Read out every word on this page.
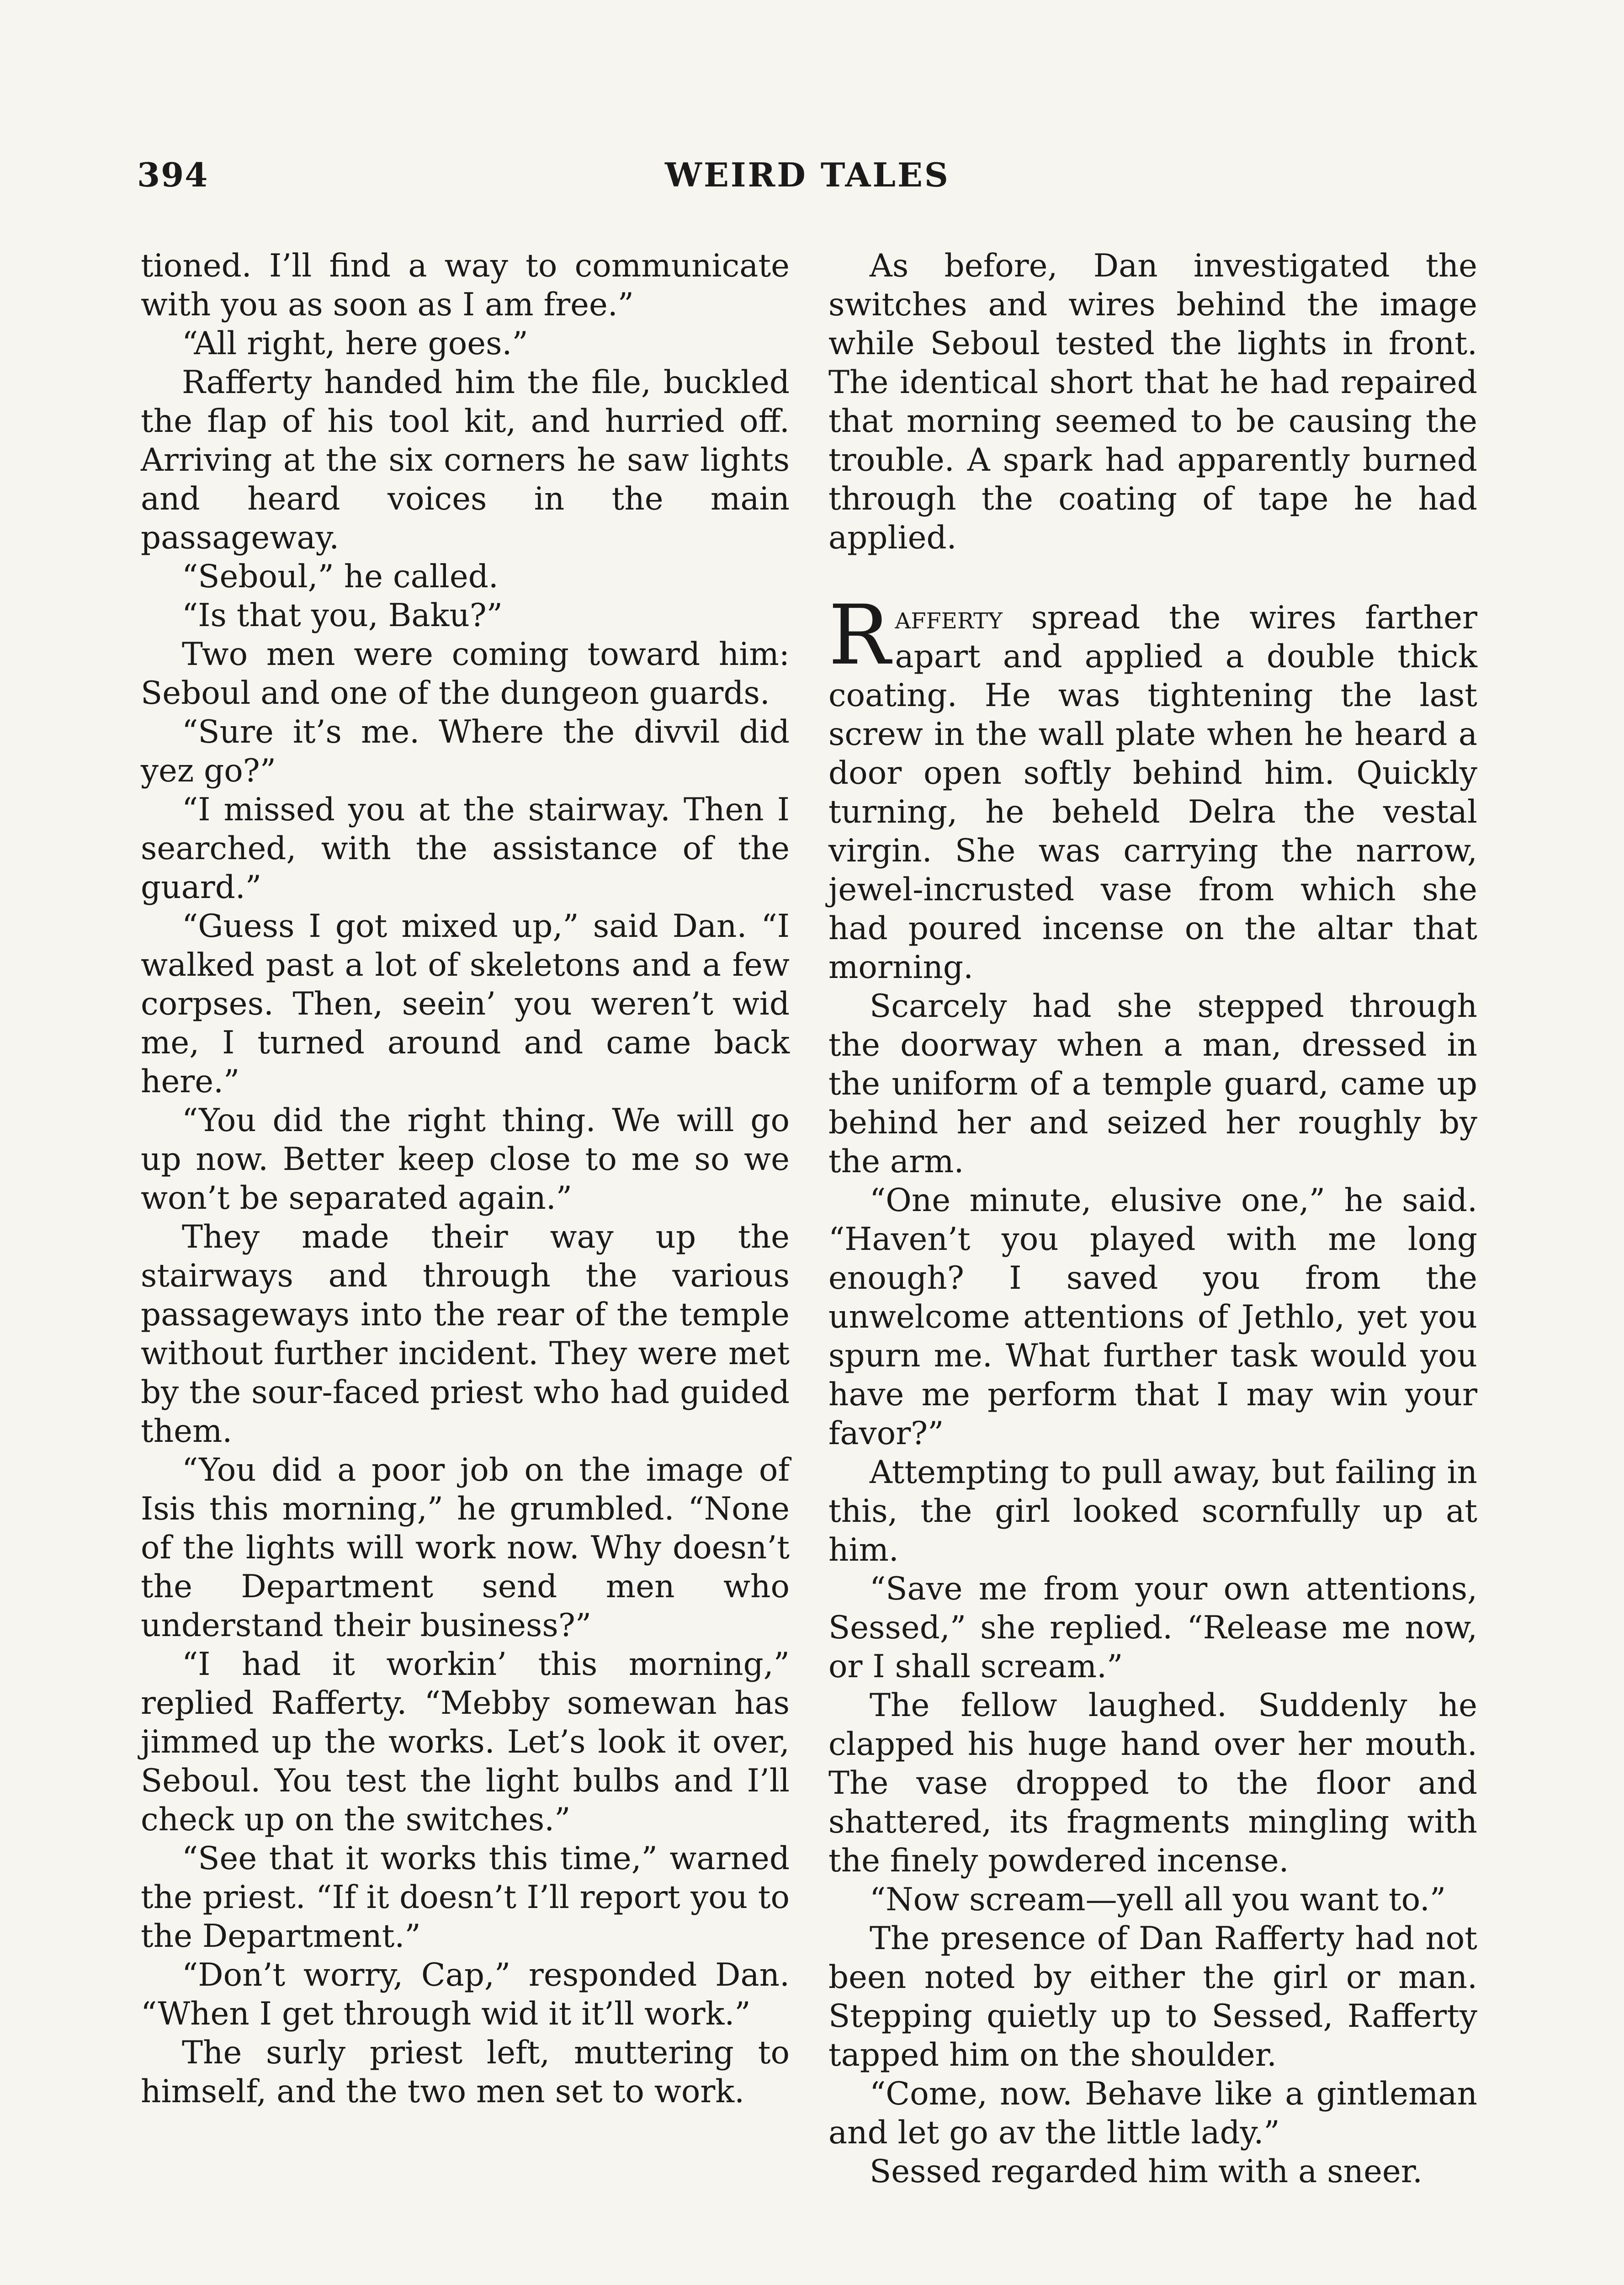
394	WEIRD TALES

tioned. I’ll find a way to communicate with you as soon as I am free.”

“All right, here goes.”

Rafferty handed him the file, buckled the flap of his tool kit, and hurried off. Arriving at the six corners he saw lights and heard voices in the main passageway.

“Seboul,” he called.

“Is that you, Baku?”

Two men were coming toward him: Seboul and one of the dungeon guards.

“Sure it’s me. Where the divvil did yez go?”

“I missed you at the stairway. Then I searched, with the assistance of the guard.”

“Guess I got mixed up,” said Dan. “I walked past a lot of skeletons and a few corpses. Then, seein’ you weren’t wid me, I turned around and came back here.”

“You did the right thing. We will go up now. Better keep close to me so we won’t be separated again.”

They made their way up the stairways and through the various passageways into the rear of the temple without further incident. They were met by the sour-faced priest who had guided them.

“You did a poor job on the image of Isis this morning,” he grumbled. “None of the lights will work now. Why doesn’t the Department send men who understand their business?”

“I had it workin’ this morning,” replied Rafferty. “Mebby somewan has jimmed up the works. Let’s look it over, Seboul. You test the light bulbs and I’ll check up on the switches.”

“See that it works this time,” warned the priest. “If it doesn’t I’ll report you to the Department.”

“Don’t worry, Cap,” responded Dan. “When I get through wid it it’ll work.”

The surly priest left, muttering to himself, and the two men set to work.

As before, Dan investigated the switches and wires behind the image while Seboul tested the lights in front. The identical short that he had repaired that morning seemed to be causing the trouble. A spark had apparently burned through the coating of tape he had applied.

Rafferty spread the wires farther apart and applied a double thick coating. He was tightening the last screw in the wall plate when he heard a door open softly behind him. Quickly turning, he beheld Delra the vestal virgin. She was carrying the narrow, jewel-incrusted vase from which she had poured incense on the altar that morning.

Scarcely had she stepped through the doorway when a man, dressed in the uniform of a temple guard, came up behind her and seized her roughly by the arm.

“One minute, elusive one,” he said. “Haven’t you played with me long enough? I saved you from the unwelcome attentions of Jethlo, yet you spurn me. What further task would you have me perform that I may win your favor?”

Attempting to pull away, but failing in this, the girl looked scornfully up at him.

“Save me from your own attentions, Sessed,” she replied. “Release me now, or I shall scream.”

The fellow laughed. Suddenly he clapped his huge hand over her mouth. The vase dropped to the floor and shattered, its fragments mingling with the finely powdered incense.

“Now scream—yell all you want to.”

The presence of Dan Rafferty had not been noted by either the girl or man. Stepping quietly up to Sessed, Rafferty tapped him on the shoulder.

“Come, now. Behave like a gintleman and let go av the little lady.”

Sessed regarded him with a sneer.
